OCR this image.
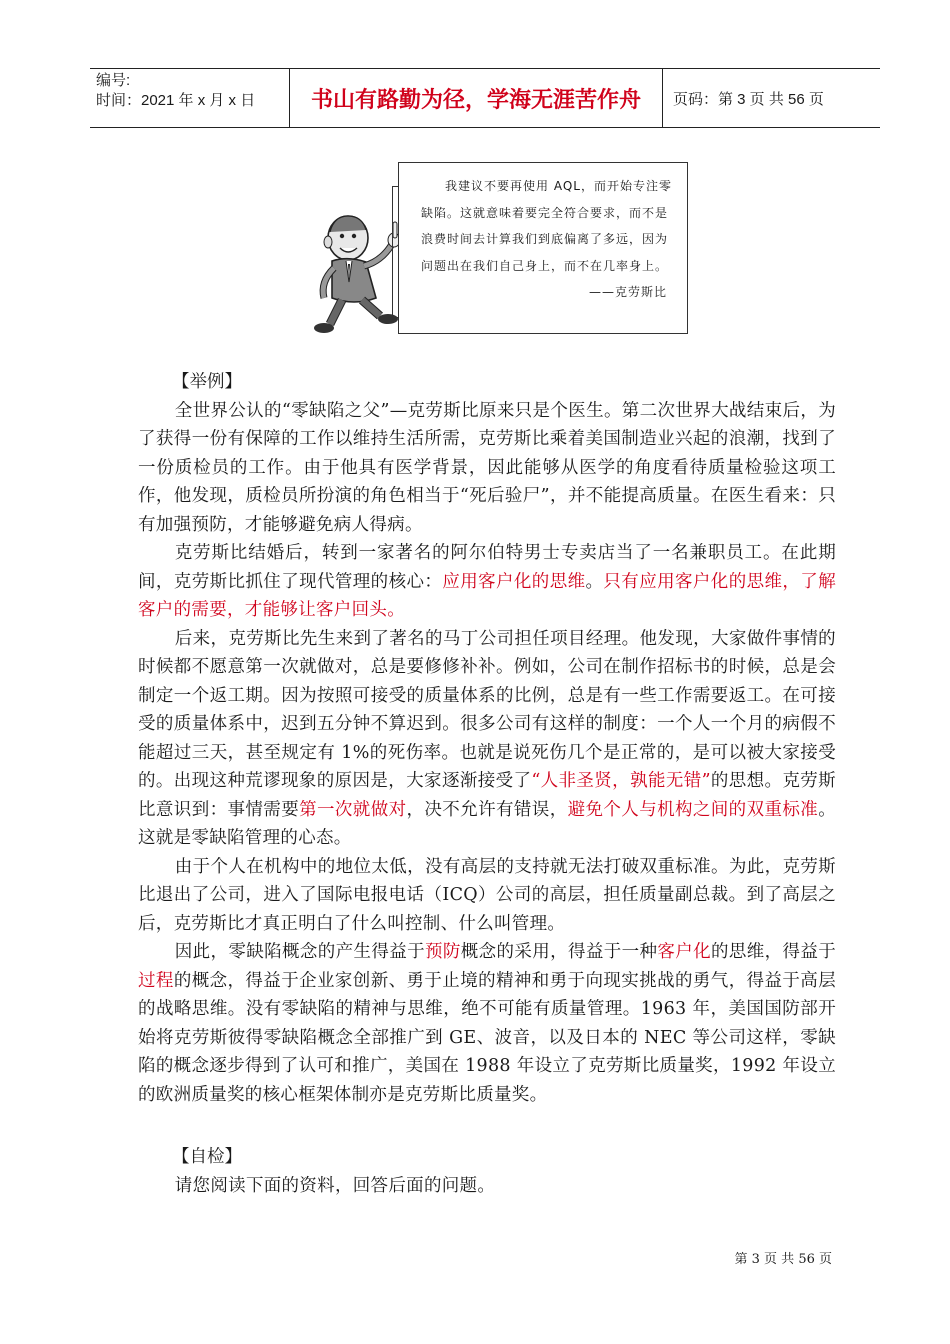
编号:
时间：2021 年 x 月 x 日	书山有路勤为径，学海无涯苦作舟	页码：第 3 页 共 56 页
我建议不要再使用 AQL，而开始专注零缺陷。这就意味着要完全符合要求，而不是浪费时间去计算我们到底偏离了多远，因为问题出在我们自己身上，而不在几率身上。
——克劳斯比
【举例】

全世界公认的“零缺陷之父”—克劳斯比原来只是个医生。第二次世界大战结束后，为了获得一份有保障的工作以维持生活所需，克劳斯比乘着美国制造业兴起的浪潮，找到了一份质检员的工作。由于他具有医学背景，因此能够从医学的角度看待质量检验这项工作，他发现，质检员所扮演的角色相当于“死后验尸”，并不能提高质量。在医生看来：只有加强预防，才能够避免病人得病。

克劳斯比结婚后，转到一家著名的阿尔伯特男士专卖店当了一名兼职员工。在此期间，克劳斯比抓住了现代管理的核心：应用客户化的思维。只有应用客户化的思维，了解客户的需要，才能够让客户回头。

后来，克劳斯比先生来到了著名的马丁公司担任项目经理。他发现，大家做件事情的时候都不愿意第一次就做对，总是要修修补补。例如，公司在制作招标书的时候，总是会制定一个返工期。因为按照可接受的质量体系的比例，总是有一些工作需要返工。在可接受的质量体系中，迟到五分钟不算迟到。很多公司有这样的制度：一个人一个月的病假不能超过三天，甚至规定有 1%的死伤率。也就是说死伤几个是正常的，是可以被大家接受的。出现这种荒谬现象的原因是，大家逐渐接受了“人非圣贤，孰能无错”的思想。克劳斯比意识到：事情需要第一次就做对，决不允许有错误，避免个人与机构之间的双重标准。这就是零缺陷管理的心态。

由于个人在机构中的地位太低，没有高层的支持就无法打破双重标准。为此，克劳斯比退出了公司，进入了国际电报电话（ICQ）公司的高层，担任质量副总裁。到了高层之后，克劳斯比才真正明白了什么叫控制、什么叫管理。

因此，零缺陷概念的产生得益于预防概念的采用，得益于一种客户化的思维，得益于过程的概念，得益于企业家创新、勇于止境的精神和勇于向现实挑战的勇气，得益于高层的战略思维。没有零缺陷的精神与思维，绝不可能有质量管理。1963 年，美国国防部开始将克劳斯彼得零缺陷概念全部推广到 GE、波音，以及日本的 NEC 等公司这样，零缺陷的概念逐步得到了认可和推广，美国在 1988 年设立了克劳斯比质量奖，1992 年设立的欧洲质量奖的核心框架体制亦是克劳斯比质量奖。

【自检】

请您阅读下面的资料，回答后面的问题。

第 3 页 共 56 页
